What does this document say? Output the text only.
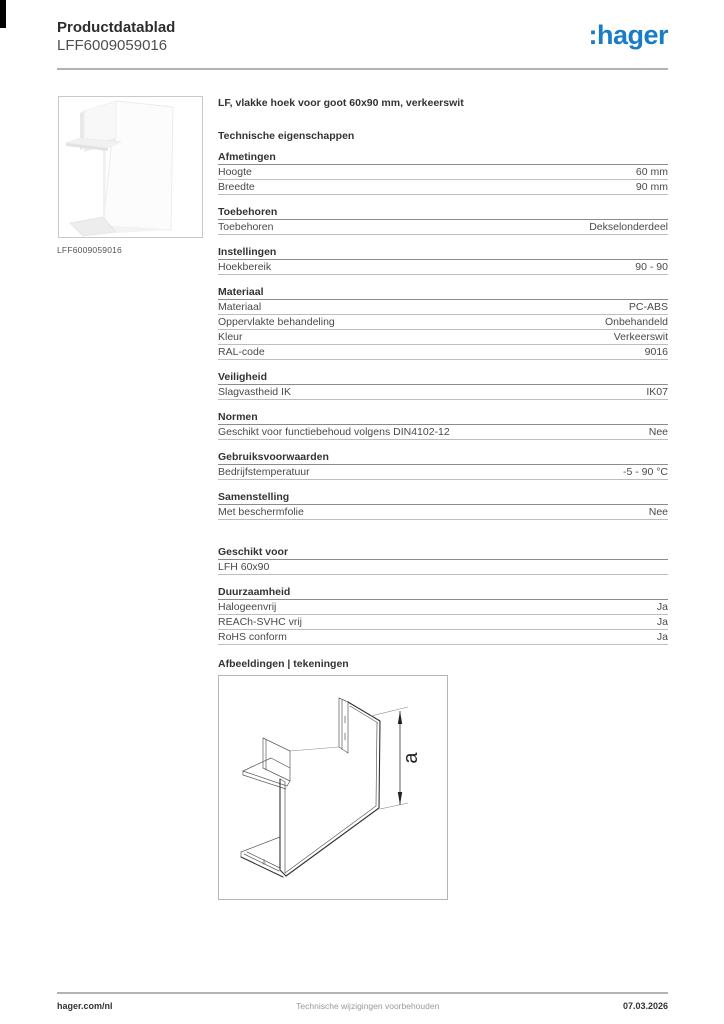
Productdatablad
LFF6009059016	:hager
LFF6009059016
LF, vlakke hoek voor goot 60x90 mm, verkeerswit
Technische eigenschappen
Afmetingen
Hoogte	60 mm
Breedte	90 mm
Toebehoren
Toebehoren	Dekselonderdeel
Instellingen
Hoekbereik	90 - 90
Materiaal
Materiaal	PC-ABS
Oppervlakte behandeling	Onbehandeld
Kleur	Verkeerswit
RAL-code	9016
Veiligheid
Slagvastheid IK	IK07
Normen
Geschikt voor functiebehoud volgens DIN4102-12	Nee
Gebruiksvoorwaarden
Bedrijfstemperatuur	-5 - 90 °C
Samenstelling
Met beschermfolie	Nee
Geschikt voor
LFH 60x90
Duurzaamheid
Halogeenvrij	Ja
REACh-SVHC vrij	Ja
RoHS conform	Ja
Afbeeldingen | tekeningen
a
hager.com/nl	Technische wijzigingen voorbehouden	07.03.2026
